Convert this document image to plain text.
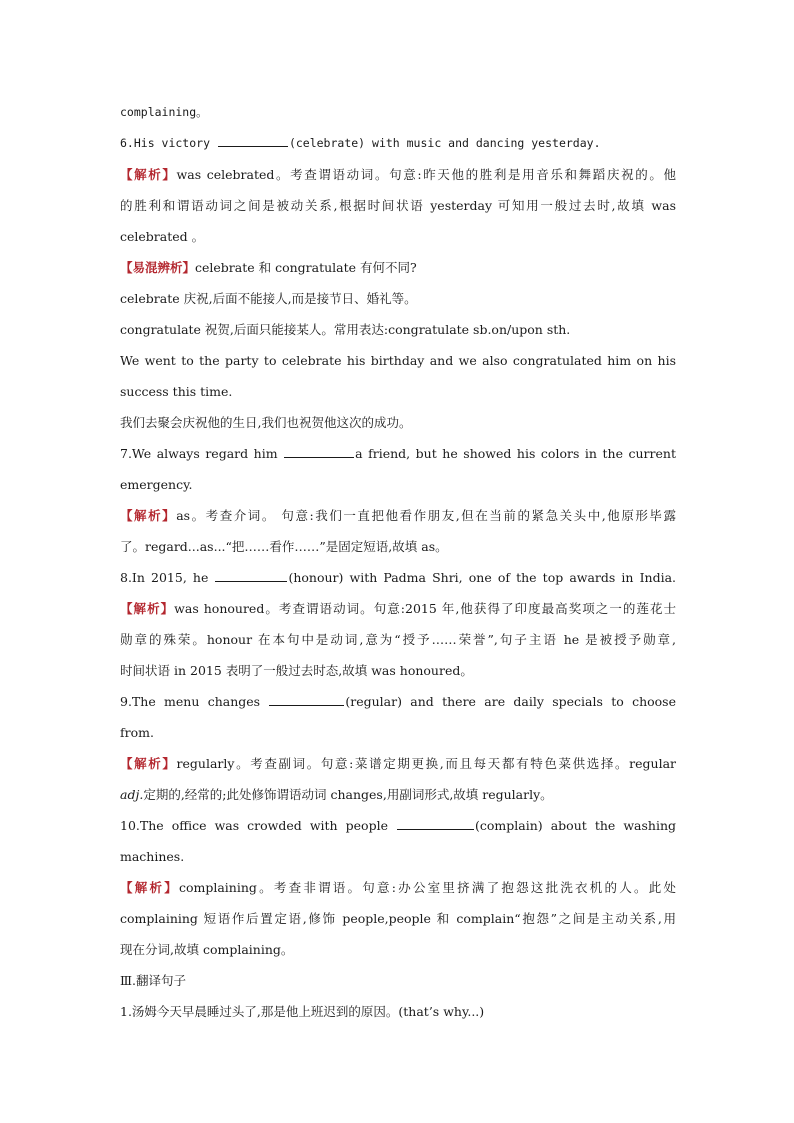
complaining。
6.His victory	(celebrate) with music and dancing yesterday.
【解析】was celebrated。考查谓语动词。句意:昨天他的胜利是用音乐和舞蹈庆祝的。他
的胜利和谓语动词之间是被动关系,根据时间状语 yesterday 可知用一般过去时,故填 was
celebrated 。
【易混辨析】celebrate 和 congratulate 有何不同?
celebrate 庆祝,后面不能接人,而是接节日、婚礼等。
congratulate 祝贺,后面只能接某人。常用表达:congratulate sb.on/upon sth.
We went to the party to celebrate his birthday and we also congratulated him on his
success this time.
我们去聚会庆祝他的生日,我们也祝贺他这次的成功。
7.We always regard him	a friend, but he showed his colors in the current
emergency.
【解析】as。考查介词。 句意:我们一直把他看作朋友,但在当前的紧急关头中,他原形毕露
了。regard...as...“把……看作……”是固定短语,故填 as。
8.In 2015, he	(honour) with Padma Shri, one of the top awards in India.
【解析】was honoured。考查谓语动词。句意:2015 年,他获得了印度最高奖项之一的莲花士
勋章的殊荣。honour 在本句中是动词,意为“授予……荣誉”,句子主语 he 是被授予勋章,
时间状语 in 2015 表明了一般过去时态,故填 was honoured。
9.The menu changes	(regular) and there are daily specials to choose
from.
【解析】regularly。考查副词。句意:菜谱定期更换,而且每天都有特色菜供选择。regular
adj.定期的,经常的;此处修饰谓语动词 changes,用副词形式,故填 regularly。
10.The office was crowded with people	(complain) about the washing
machines.
【解析】complaining。考查非谓语。句意:办公室里挤满了抱怨这批洗衣机的人。此处
complaining 短语作后置定语,修饰 people,people 和 complain“抱怨”之间是主动关系,用
现在分词,故填 complaining。
Ⅲ.翻译句子
1.汤姆今天早晨睡过头了,那是他上班迟到的原因。(that’s why...)
